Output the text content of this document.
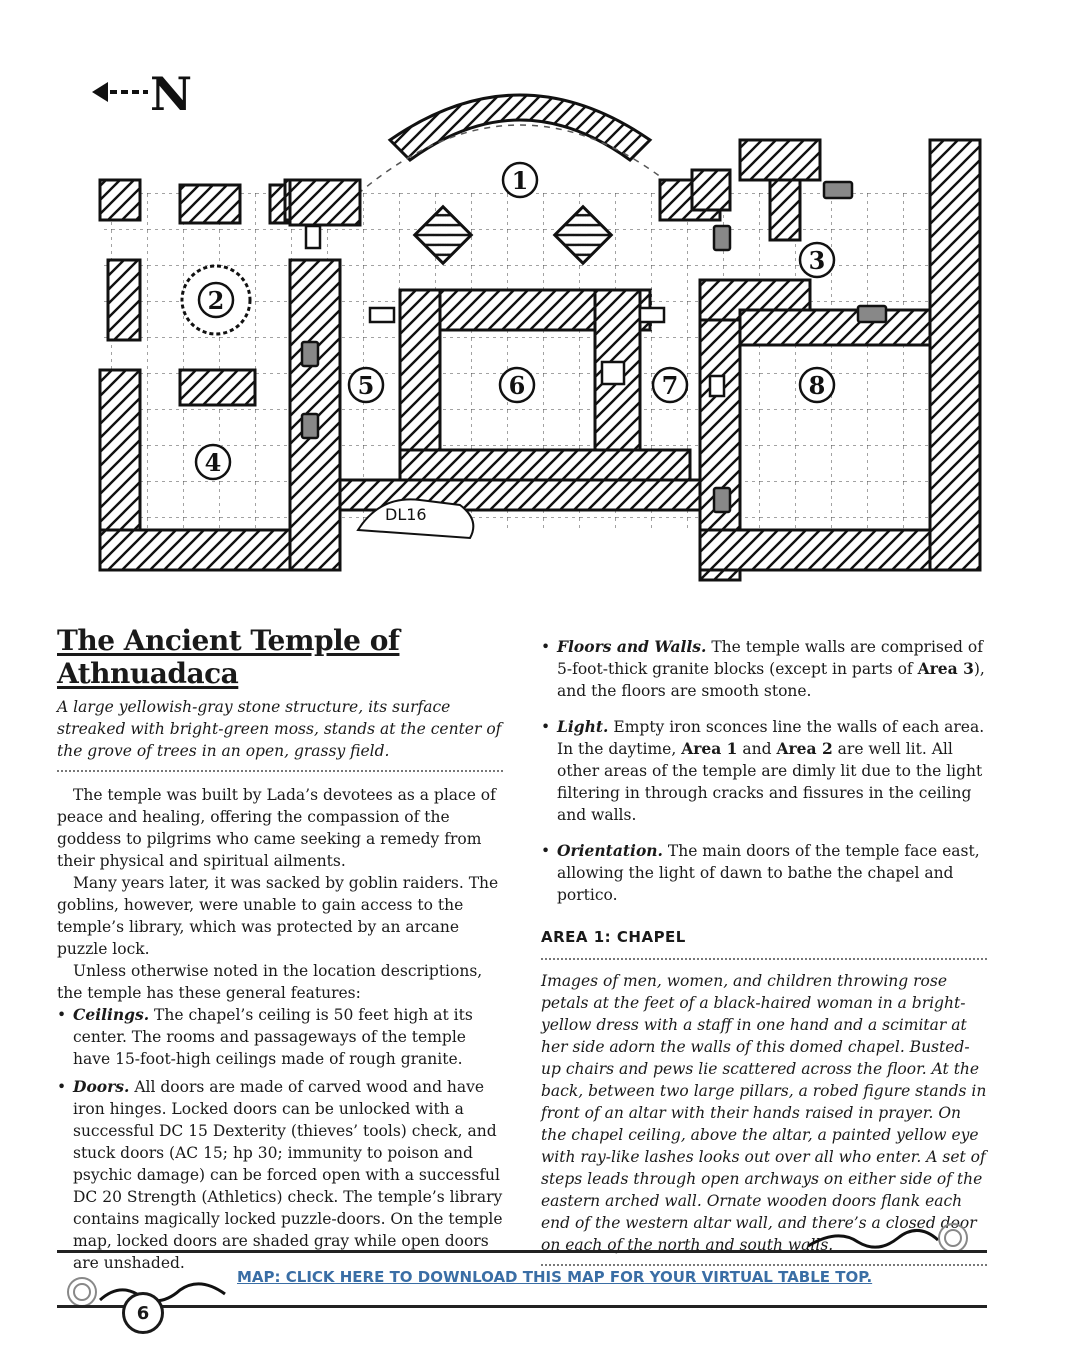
N
1
2
3
4
5	6	7	8
DL16
The Ancient Temple of Athnuadaca

A large yellowish-gray stone structure, its surface streaked with bright-green moss, stands at the center of the grove of trees in an open, grassy field.

The temple was built by Lada’s devotees as a place of peace and healing, offering the compassion of the goddess to pilgrims who came seeking a remedy from their physical and spiritual ailments.

Many years later, it was sacked by goblin raiders. The goblins, however, were unable to gain access to the temple’s library, which was protected by an arcane puzzle lock.

Unless otherwise noted in the location descriptions, the temple has these general features:

• Ceilings. The chapel’s ceiling is 50 feet high at its center. The rooms and passageways of the temple have 15-foot-high ceilings made of rough granite.
• Doors. All doors are made of carved wood and have iron hinges. Locked doors can be unlocked with a successful DC 15 Dexterity (thieves’ tools) check, and stuck doors (AC 15; hp 30; immunity to poison and psychic damage) can be forced open with a successful DC 20 Strength (Athletics) check. The temple’s library contains magically locked puzzle-doors. On the temple map, locked doors are shaded gray while open doors are unshaded.
• Floors and Walls. The temple walls are comprised of 5-foot-thick granite blocks (except in parts of Area 3), and the floors are smooth stone.
• Light. Empty iron sconces line the walls of each area. In the daytime, Area 1 and Area 2 are well lit. All other areas of the temple are dimly lit due to the light filtering in through cracks and fissures in the ceiling and walls.
• Orientation. The main doors of the temple face east, allowing the light of dawn to bathe the chapel and portico.
AREA 1: CHAPEL

Images of men, women, and children throwing rose petals at the feet of a black-haired woman in a bright-yellow dress with a staff in one hand and a scimitar at her side adorn the walls of this domed chapel. Busted-up chairs and pews lie scattered across the floor. At the back, between two large pillars, a robed figure stands in front of an altar with their hands raised in prayer. On the chapel ceiling, above the altar, a painted yellow eye with ray-like lashes looks out over all who enter. A set of steps leads through open archways on either side of the eastern arched wall. Ornate wooden doors flank each end of the western altar wall, and there’s a closed door on each of the north and south walls.

MAP: CLICK HERE TO DOWNLOAD THIS MAP FOR YOUR VIRTUAL TABLE TOP.
6
